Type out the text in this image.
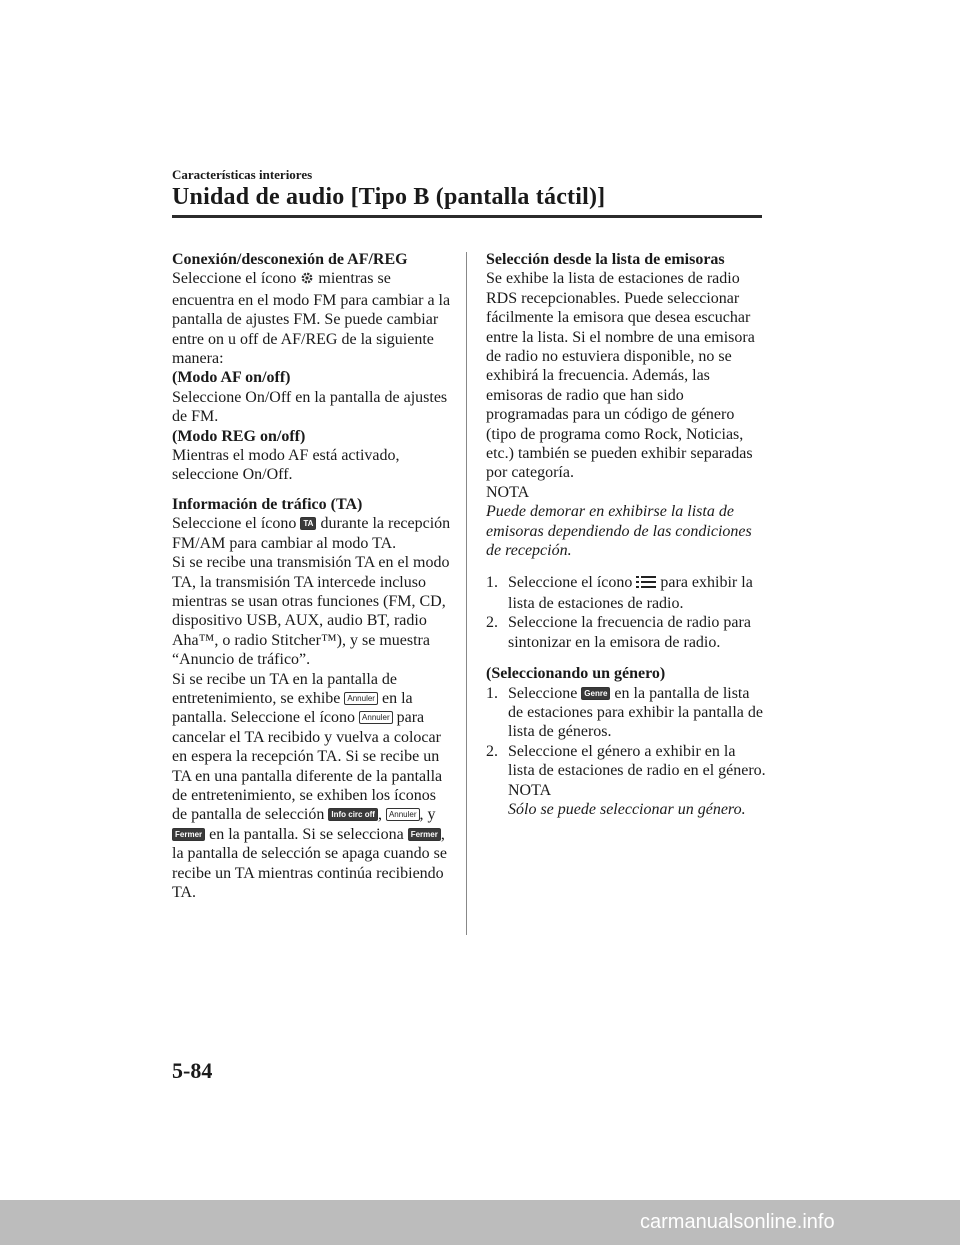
Características interiores
Unidad de audio [Tipo B (pantalla táctil)]

Conexión/desconexión de AF/REG

Seleccione el ícono mientras se encuentra en el modo FM para cambiar a la pantalla de ajustes FM. Se puede cambiar entre on u off de AF/REG de la siguiente manera:

(Modo AF on/off)

Seleccione On/Off en la pantalla de ajustes de FM.

(Modo REG on/off)

Mientras el modo AF está activado, seleccione On/Off.

Información de tráfico (TA)

Seleccione el ícono TA durante la recepción FM/AM para cambiar al modo TA.

Si se recibe una transmisión TA en el modo TA, la transmisión TA intercede incluso mientras se usan otras funciones (FM, CD, dispositivo USB, AUX, audio BT, radio Aha™, o radio Stitcher™), y se muestra “Anuncio de tráfico”.

Si se recibe un TA en la pantalla de entretenimiento, se exhibe Annuler en la pantalla. Seleccione el ícono Annuler para cancelar el TA recibido y vuelva a colocar en espera la recepción TA. Si se recibe un TA en una pantalla diferente de la pantalla de entretenimiento, se exhiben los íconos de pantalla de selección Info circ off , Annuler , y Fermer en la pantalla. Si se selecciona Fermer , la pantalla de selección se apaga cuando se recibe un TA mientras continúa recibiendo TA.

Selección desde la lista de emisoras

Se exhibe la lista de estaciones de radio RDS recepcionables. Puede seleccionar fácilmente la emisora que desea escuchar entre la lista. Si el nombre de una emisora de radio no estuviera disponible, no se exhibirá la frecuencia. Además, las emisoras de radio que han sido programadas para un código de género (tipo de programa como Rock, Noticias, etc.) también se pueden exhibir separadas por categoría.

NOTA

Puede demorar en exhibirse la lista de emisoras dependiendo de las condiciones de recepción.

1. Seleccione el ícono para exhibir la lista de estaciones de radio.
2. Seleccione la frecuencia de radio para sintonizar en la emisora de radio.

(Seleccionando un género)

1. Seleccione Genre en la pantalla de lista de estaciones para exhibir la pantalla de lista de géneros.
2. Seleccione el género a exhibir en la lista de estaciones de radio en el género.

NOTA

Sólo se puede seleccionar un género.

5-84
carmanualsonline.info
